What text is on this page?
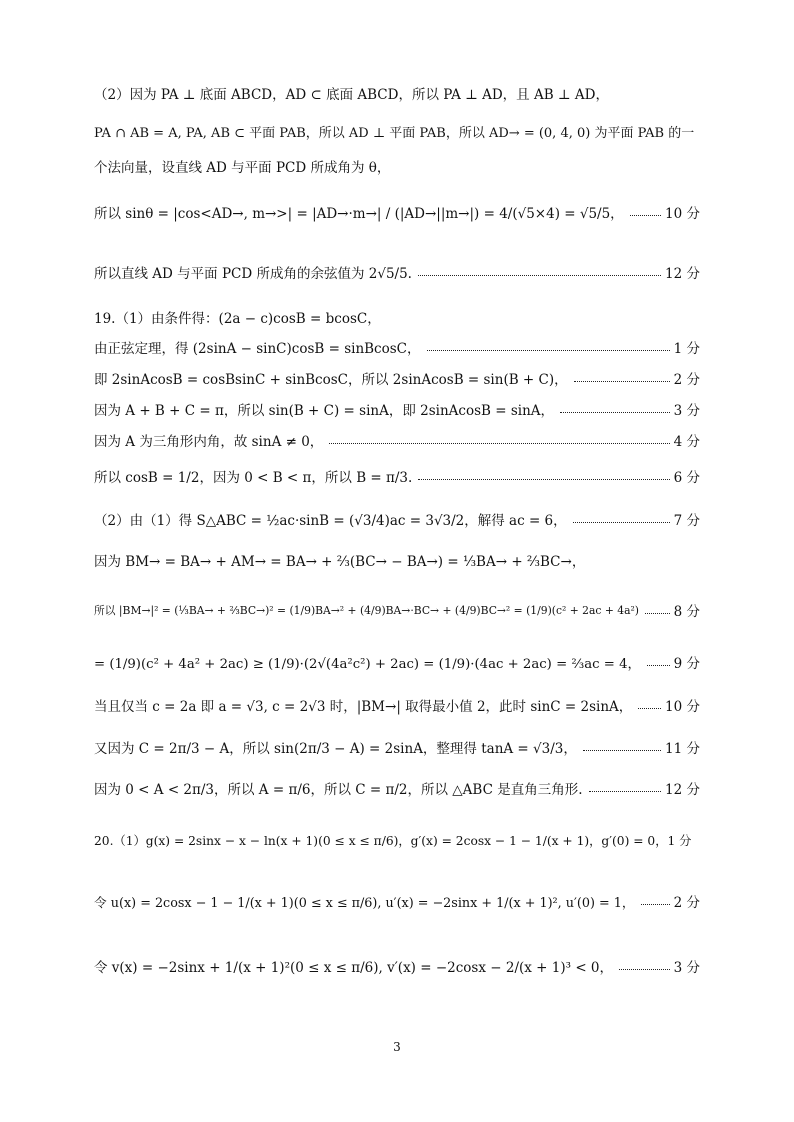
（2）因为 PA ⊥ 底面 ABCD，AD ⊂ 底面 ABCD，所以 PA ⊥ AD，且 AB ⊥ AD，
PA ∩ AB = A, PA, AB ⊂ 平面 PAB，所以 AD ⊥ 平面 PAB，所以 AD→ = (0, 4, 0) 为平面 PAB 的一
个法向量，设直线 AD 与平面 PCD 所成角为 θ，
所以 sinθ = |cos<AD→, m→>| = |AD→·m→| / (|AD→||m→|) = 4/(√5×4) = √5/5，	10 分
所以直线 AD 与平面 PCD 所成角的余弦值为 2√5/5.	12 分
19.（1）由条件得：(2a − c)cosB = bcosC，
由正弦定理，得 (2sinA − sinC)cosB = sinBcosC，	1 分
即 2sinAcosB = cosBsinC + sinBcosC，所以 2sinAcosB = sin(B + C)，	2 分
因为 A + B + C = π，所以 sin(B + C) = sinA，即 2sinAcosB = sinA，	3 分
因为 A 为三角形内角，故 sinA ≠ 0，	4 分
所以 cosB = 1/2，因为 0 < B < π，所以 B = π/3.	6 分
（2）由（1）得 S△ABC = ½ac·sinB = (√3/4)ac = 3√3/2，解得 ac = 6，	7 分
因为 BM→ = BA→ + AM→ = BA→ + ⅔(BC→ − BA→) = ⅓BA→ + ⅔BC→，
所以 |BM→|² = (⅓BA→ + ⅔BC→)² = (1/9)BA→² + (4/9)BA→·BC→ + (4/9)BC→² = (1/9)(c² + 2ac + 4a²)	8 分
= (1/9)(c² + 4a² + 2ac) ≥ (1/9)·(2√(4a²c²) + 2ac) = (1/9)·(4ac + 2ac) = ⅔ac = 4， 9 分
当且仅当 c = 2a 即 a = √3, c = 2√3 时，|BM→| 取得最小值 2，此时 sinC = 2sinA， 10 分
又因为 C = 2π/3 − A，所以 sin(2π/3 − A) = 2sinA，整理得 tanA = √3/3，	11 分
因为 0 < A < 2π/3，所以 A = π/6，所以 C = π/2，所以 △ABC 是直角三角形.	12 分
20.（1）g(x) = 2sinx − x − ln(x + 1)(0 ≤ x ≤ π/6)，g′(x) = 2cosx − 1 − 1/(x + 1)，g′(0) = 0，1 分
令 u(x) = 2cosx − 1 − 1/(x + 1)(0 ≤ x ≤ π/6), u′(x) = −2sinx + 1/(x + 1)², u′(0) = 1，	2 分
令 v(x) = −2sinx + 1/(x + 1)²(0 ≤ x ≤ π/6), v′(x) = −2cosx − 2/(x + 1)³ < 0，	3 分
3
